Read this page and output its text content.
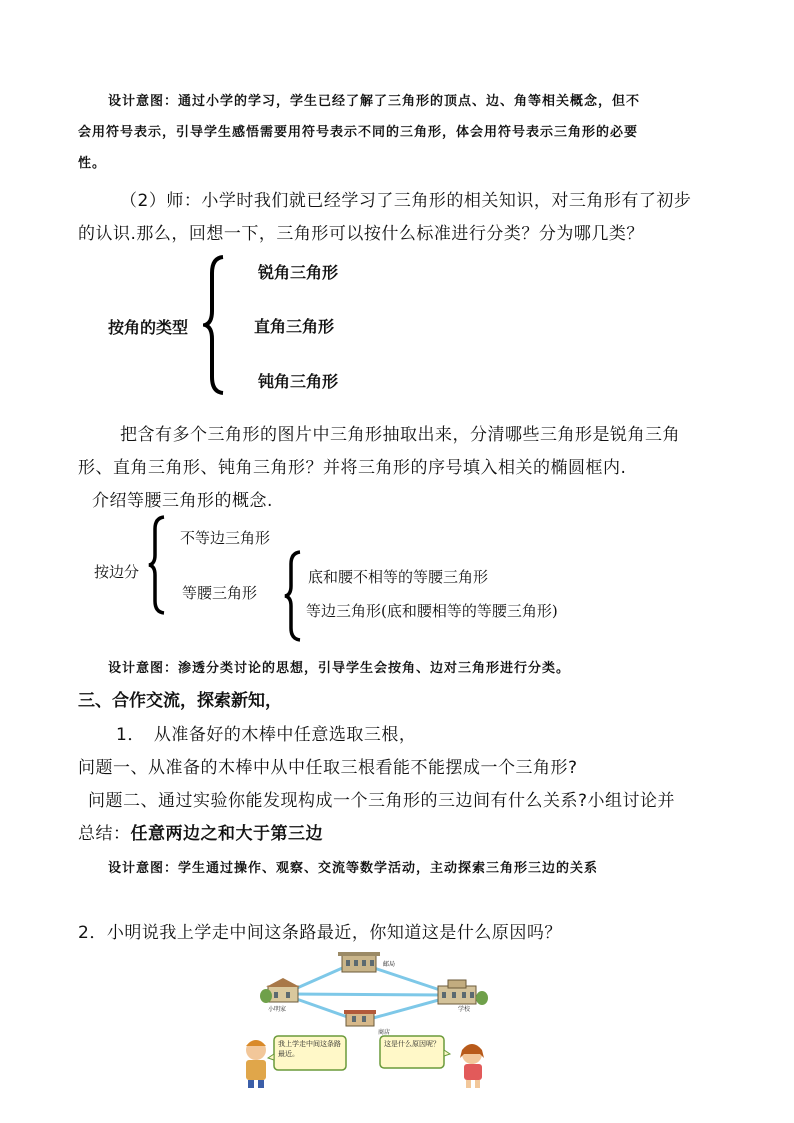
设计意图：通过小学的学习，学生已经了解了三角形的顶点、边、角等相关概念，但不
会用符号表示，引导学生感悟需要用符号表示不同的三角形，体会用符号表示三角形的必要
性。
（2）师：小学时我们就已经学习了三角形的相关知识，对三角形有了初步
的认识.那么，回想一下，三角形可以按什么标准进行分类？分为哪几类？
按角的类型
锐角三角形
直角三角形
钝角三角形
把含有多个三角形的图片中三角形抽取出来，分清哪些三角形是锐角三角
形、直角三角形、钝角三角形？并将三角形的序号填入相关的椭圆框内.
介绍等腰三角形的概念.
按边分
不等边三角形
等腰三角形
底和腰不相等的等腰三角形
等边三角形(底和腰相等的等腰三角形)
设计意图：渗透分类讨论的思想，引导学生会按角、边对三角形进行分类。
三、合作交流，探索新知，
1．　从准备好的木棒中任意选取三根，
问题一、从准备的木棒中从中任取三根看能不能摆成一个三角形?
问题二、通过实验你能发现构成一个三角形的三边间有什么关系?小组讨论并
总结：任意两边之和大于第三边
设计意图：学生通过操作、观察、交流等数学活动，主动探索三角形三边的关系
2．小明说我上学走中间这条路最近，你知道这是什么原因吗？
邮局
小明家
商店
学校
我上学走中间这条路最近。
这是什么原因呢？
